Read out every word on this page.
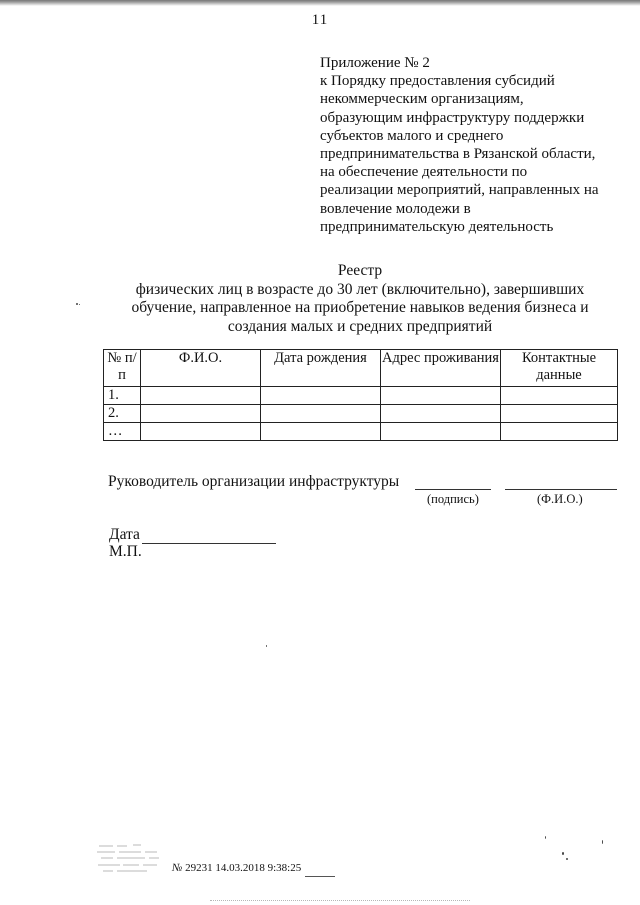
11
Приложение № 2
к Порядку предоставления субсидий
некоммерческим организациям,
образующим инфраструктуру поддержки
субъектов малого и среднего
предпринимательства в Рязанской области,
на обеспечение деятельности по
реализации мероприятий, направленных на
вовлечение молодежи в
предпринимательскую деятельность
Реестр
физических лиц в возрасте до 30 лет (включительно), завершивших
обучение, направленное на приобретение навыков ведения бизнеса и
создания малых и средних предприятий
№ п/п	Ф.И.О.	Дата рождения	Адрес проживания	Контактные данные
1.				
2.				
…				
Руководитель организации инфраструктуры
(подпись)	(Ф.И.О.)
Дата
М.П.
№ 29231 14.03.2018 9:38:25
